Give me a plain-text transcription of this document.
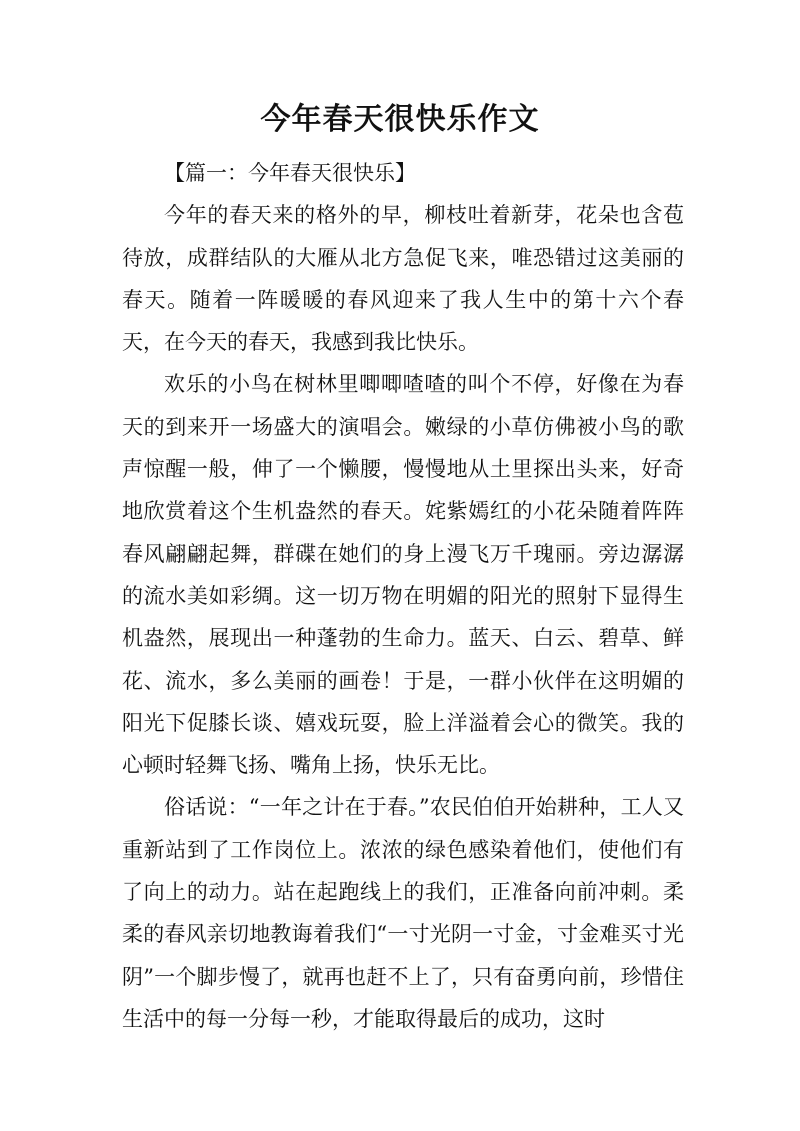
今年春天很快乐作文

【篇一：今年春天很快乐】

今年的春天来的格外的早，柳枝吐着新芽，花朵也含苞待放，成群结队的大雁从北方急促飞来，唯恐错过这美丽的春天。随着一阵暖暖的春风迎来了我人生中的第十六个春天，在今天的春天，我感到我比快乐。

欢乐的小鸟在树林里唧唧喳喳的叫个不停，好像在为春天的到来开一场盛大的演唱会。嫩绿的小草仿佛被小鸟的歌声惊醒一般，伸了一个懒腰，慢慢地从土里探出头来，好奇地欣赏着这个生机盎然的春天。姹紫嫣红的小花朵随着阵阵春风翩翩起舞，群碟在她们的身上漫飞万千瑰丽。旁边潺潺的流水美如彩绸。这一切万物在明媚的阳光的照射下显得生机盎然，展现出一种蓬勃的生命力。蓝天、白云、碧草、鲜花、流水，多么美丽的画卷！于是，一群小伙伴在这明媚的阳光下促膝长谈、嬉戏玩耍，脸上洋溢着会心的微笑。我的心顿时轻舞飞扬、嘴角上扬，快乐无比。

俗话说：“一年之计在于春。”农民伯伯开始耕种，工人又重新站到了工作岗位上。浓浓的绿色感染着他们，使他们有了向上的动力。站在起跑线上的我们，正准备向前冲刺。柔柔的春风亲切地教诲着我们“一寸光阴一寸金，寸金难买寸光阴”一个脚步慢了，就再也赶不上了，只有奋勇向前，珍惜住生活中的每一分每一秒，才能取得最后的成功，这时
